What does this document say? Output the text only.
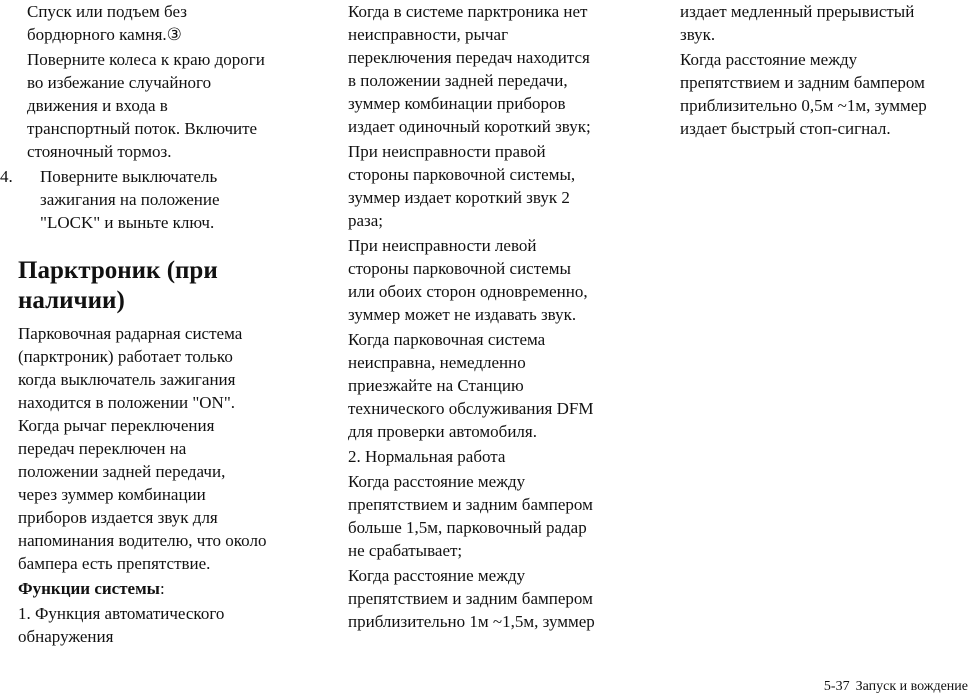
Спуск или подъем без
бордюрного камня.③

Поверните колеса к краю дороги
во избежание случайного
движения и входа в
транспортный поток. Включите
стояночный тормоз.

4.	Поверните выключатель
зажигания на положение
"LOCK" и выньте ключ.
Парктроник (при
наличии)

Парковочная радарная система
(парктроник) работает только
когда выключатель зажигания
находится в положении "ON".
Когда рычаг переключения
передач переключен на
положении задней передачи,
через зуммер комбинации
приборов издается звук для
напоминания водителю, что около
бампера есть препятствие.

Функции системы:

1. Функция автоматического
обнаружения

Когда в системе парктроника нет
неисправности, рычаг
переключения передач находится
в положении задней передачи,
зуммер комбинации приборов
издает одиночный короткий звук;

При неисправности правой
стороны парковочной системы,
зуммер издает короткий звук 2
раза;

При неисправности левой
стороны парковочной системы
или обоих сторон одновременно,
зуммер может не издавать звук.

Когда парковочная система
неисправна, немедленно
приезжайте на Станцию
технического обслуживания DFM
для проверки автомобиля.

2. Нормальная работа

Когда расстояние между
препятствием и задним бампером
больше 1,5м, парковочный радар
не срабатывает;

Когда расстояние между
препятствием и задним бампером
приблизительно 1м ~1,5м, зуммер

издает медленный прерывистый
звук.

Когда расстояние между
препятствием и задним бампером
приблизительно 0,5м ~1м, зуммер
издает быстрый стоп-сигнал.

5-37 Запуск и вождение
